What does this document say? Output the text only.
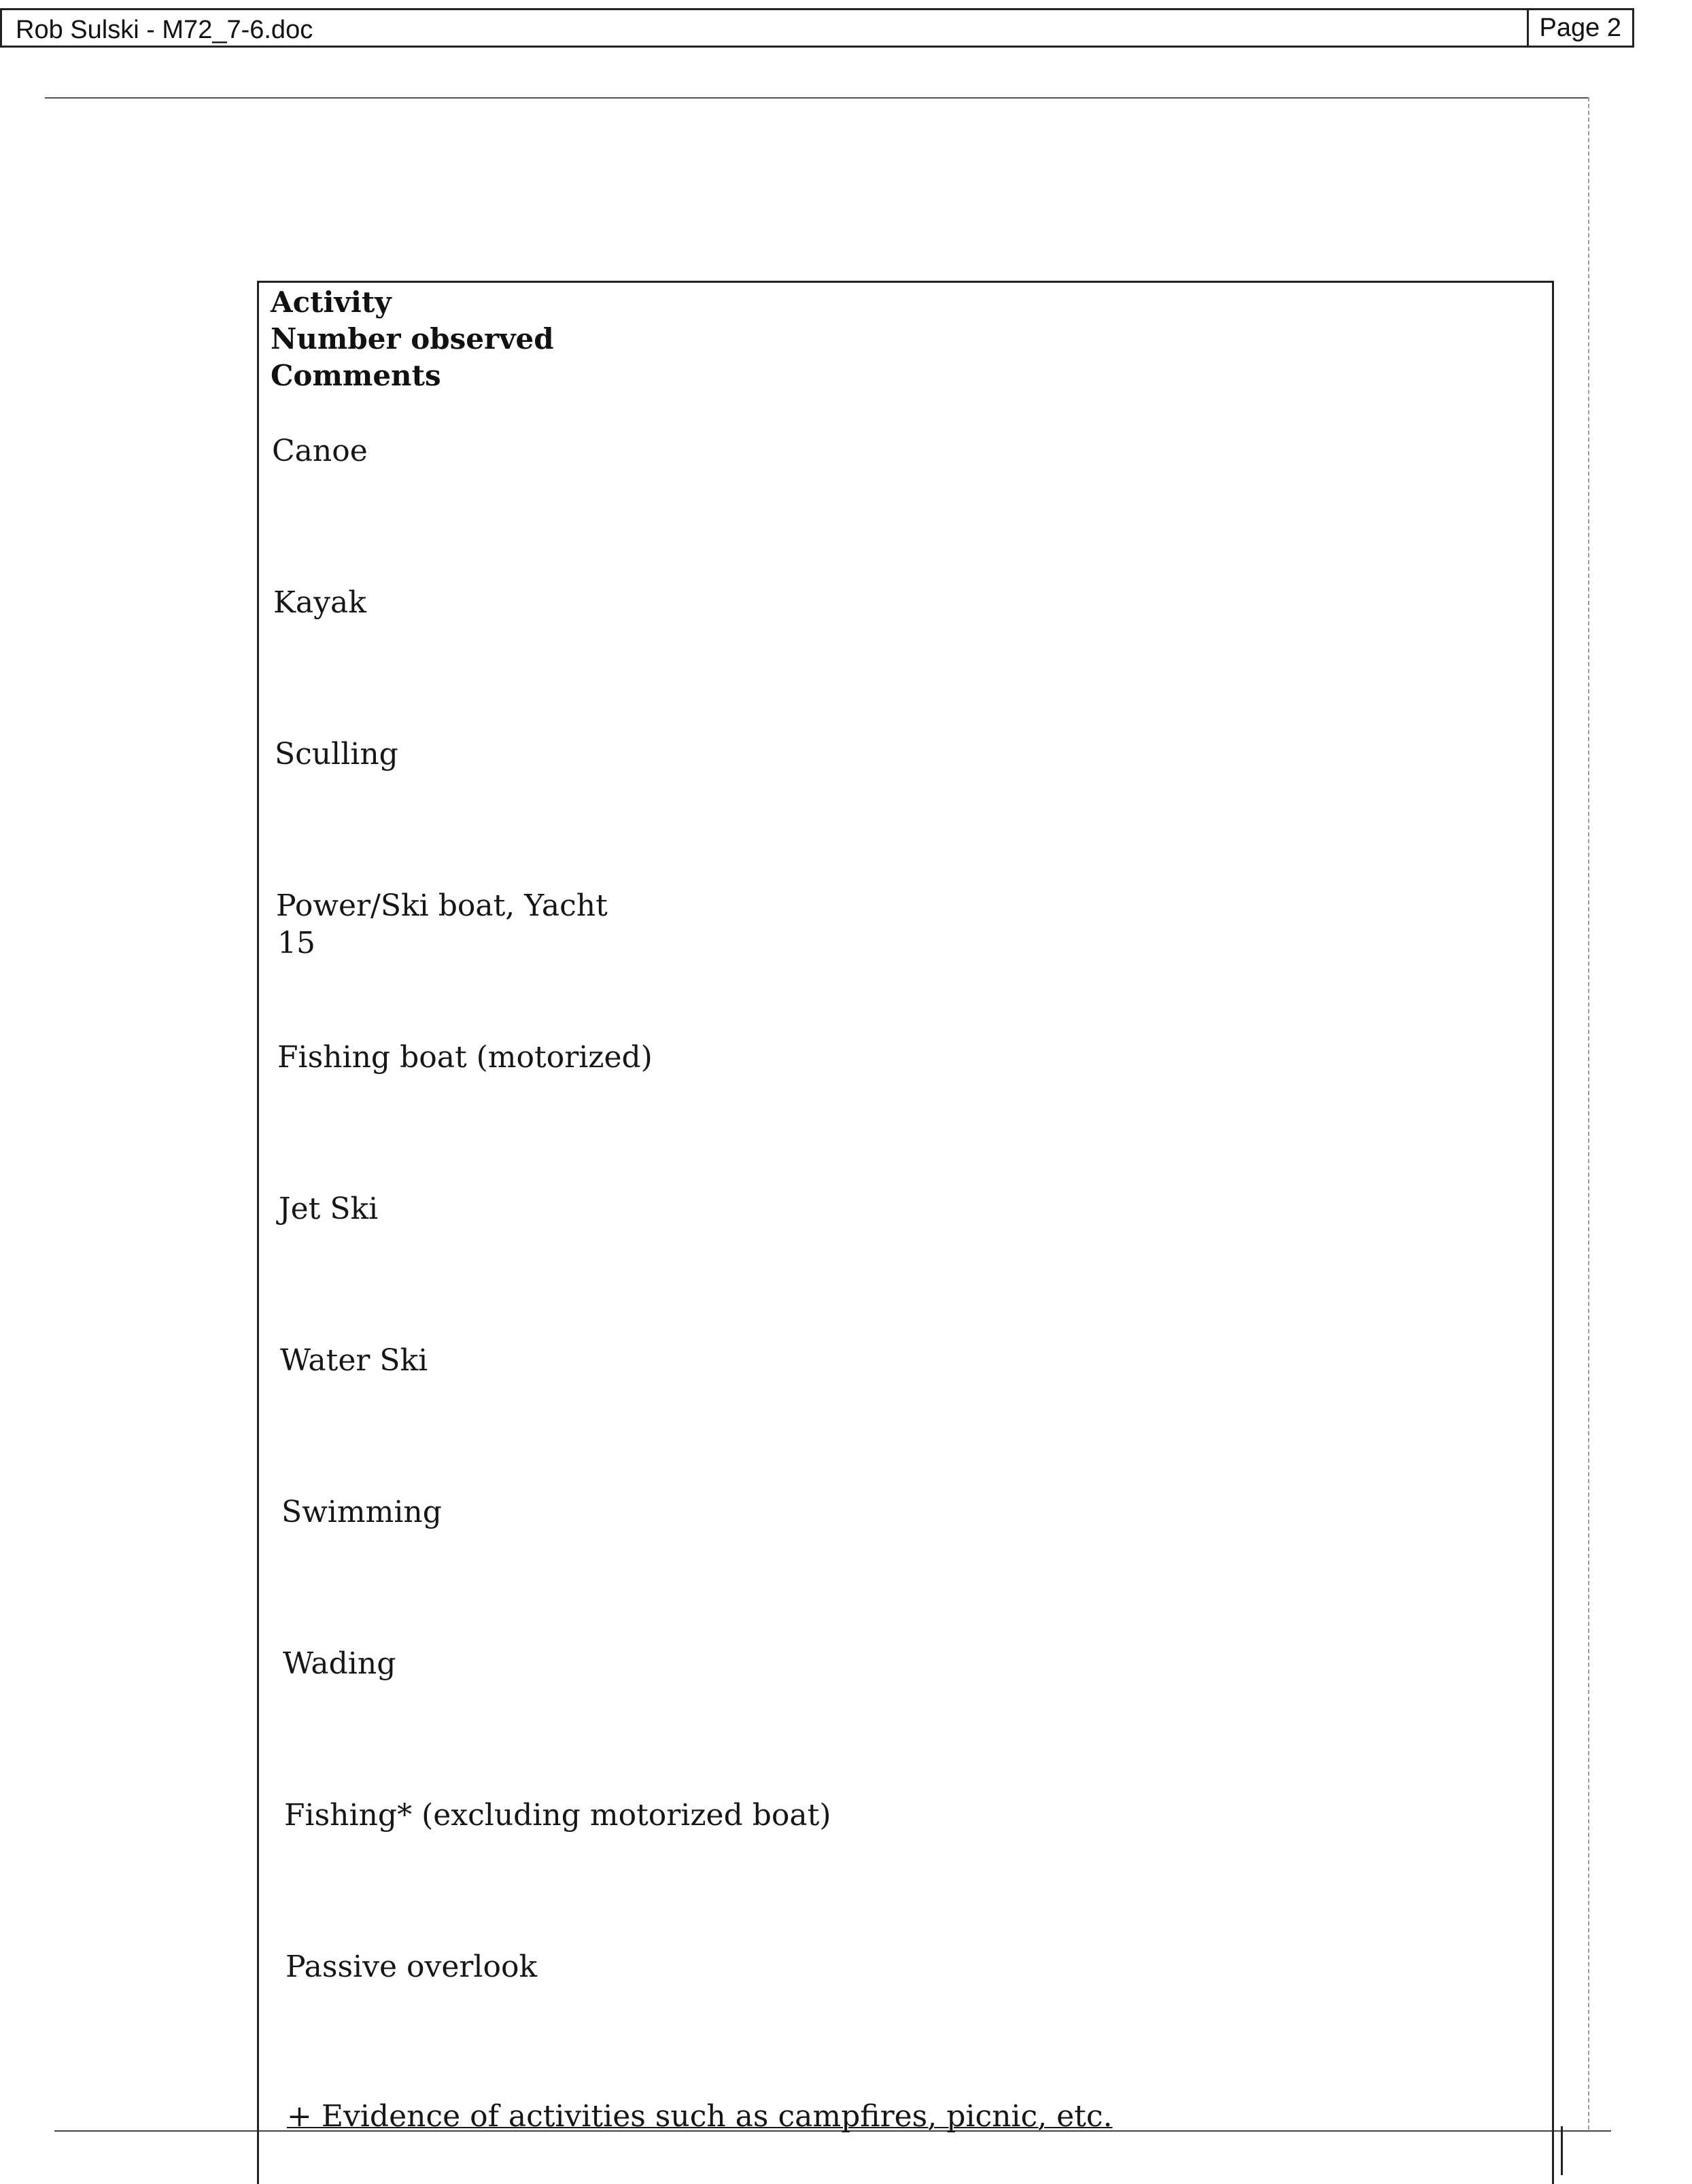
Rob Sulski - M72_7-6.doc	Page 2
Activity
Number observed
Comments
Canoe
Kayak
Sculling
Power/Ski boat, Yacht
15
Fishing boat (motorized)
Jet Ski
Water Ski
Swimming
Wading
Fishing* (excluding motorized boat)
Passive overlook
+ Evidence of activities such as campfires, picnic, etc.
